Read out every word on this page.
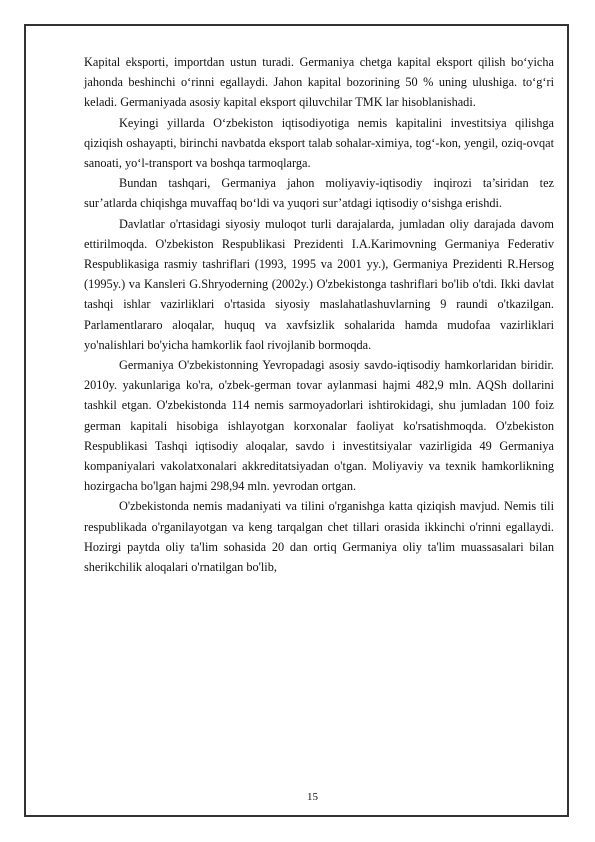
Kapital eksporti, importdan ustun turadi. Germaniya chetga kapital eksport qilish bo‘yicha jahonda beshinchi o‘rinni egallaydi. Jahon kapital bozorining 50 % uning ulushiga. to‘g‘ri keladi. Germaniyada asosiy kapital eksport qiluvchilar TMK lar hisoblanishadi.

Keyingi yillarda O‘zbekiston iqtisodiyotiga nemis kapitalini investitsiya qilishga qiziqish oshayapti, birinchi navbatda eksport talab sohalar-ximiya, tog‘-kon, yengil, oziq-ovqat sanoati, yo‘l-transport va boshqa tarmoqlarga.

Bundan tashqari, Germaniya jahon moliyaviy-iqtisodiy inqirozi ta’siridan tez sur’atlarda chiqishga muvaffaq bo‘ldi va yuqori sur’atdagi iqtisodiy o‘sishga erishdi.

Davlatlar o'rtasidagi siyosiy muloqot turli darajalarda, jumladan oliy darajada davom ettirilmoqda. O'zbekiston Respublikasi Prezidenti I.A.Karimovning Germaniya Federativ Respublikasiga rasmiy tashriflari (1993, 1995 va 2001 yy.), Germaniya Prezidenti R.Hersog (1995y.) va Kansleri G.Shryoderning (2002y.) O'zbekistonga tashriflari bo'lib o'tdi. Ikki davlat tashqi ishlar vazirliklari o'rtasida siyosiy maslahatlashuvlarning 9 raundi o'tkazilgan. Parlamentlararo aloqalar, huquq va xavfsizlik sohalarida hamda mudofaa vazirliklari yo'nalishlari bo'yicha hamkorlik faol rivojlanib bormoqda.

Germaniya O'zbekistonning Yevropadagi asosiy savdo-iqtisodiy hamkorlaridan biridir. 2010y. yakunlariga ko'ra, o'zbek-german tovar aylanmasi hajmi 482,9 mln. AQSh dollarini tashkil etgan. O'zbekistonda 114 nemis sarmoyadorlari ishtirokidagi, shu jumladan 100 foiz german kapitali hisobiga ishlayotgan korxonalar faoliyat ko'rsatishmoqda. O'zbekiston Respublikasi Tashqi iqtisodiy aloqalar, savdo i investitsiyalar vazirligida 49 Germaniya kompaniyalari vakolatxonalari akkreditatsiyadan o'tgan. Moliyaviy va texnik hamkorlikning hozirgacha bo'lgan hajmi 298,94 mln. yevrodan ortgan.

O'zbekistonda nemis madaniyati va tilini o'rganishga katta qiziqish mavjud. Nemis tili respublikada o'rganilayotgan va keng tarqalgan chet tillari orasida ikkinchi o'rinni egallaydi. Hozirgi paytda oliy ta'lim sohasida 20 dan ortiq Germaniya oliy ta'lim muassasalari bilan sherikchilik aloqalari o'rnatilgan bo'lib,

15
